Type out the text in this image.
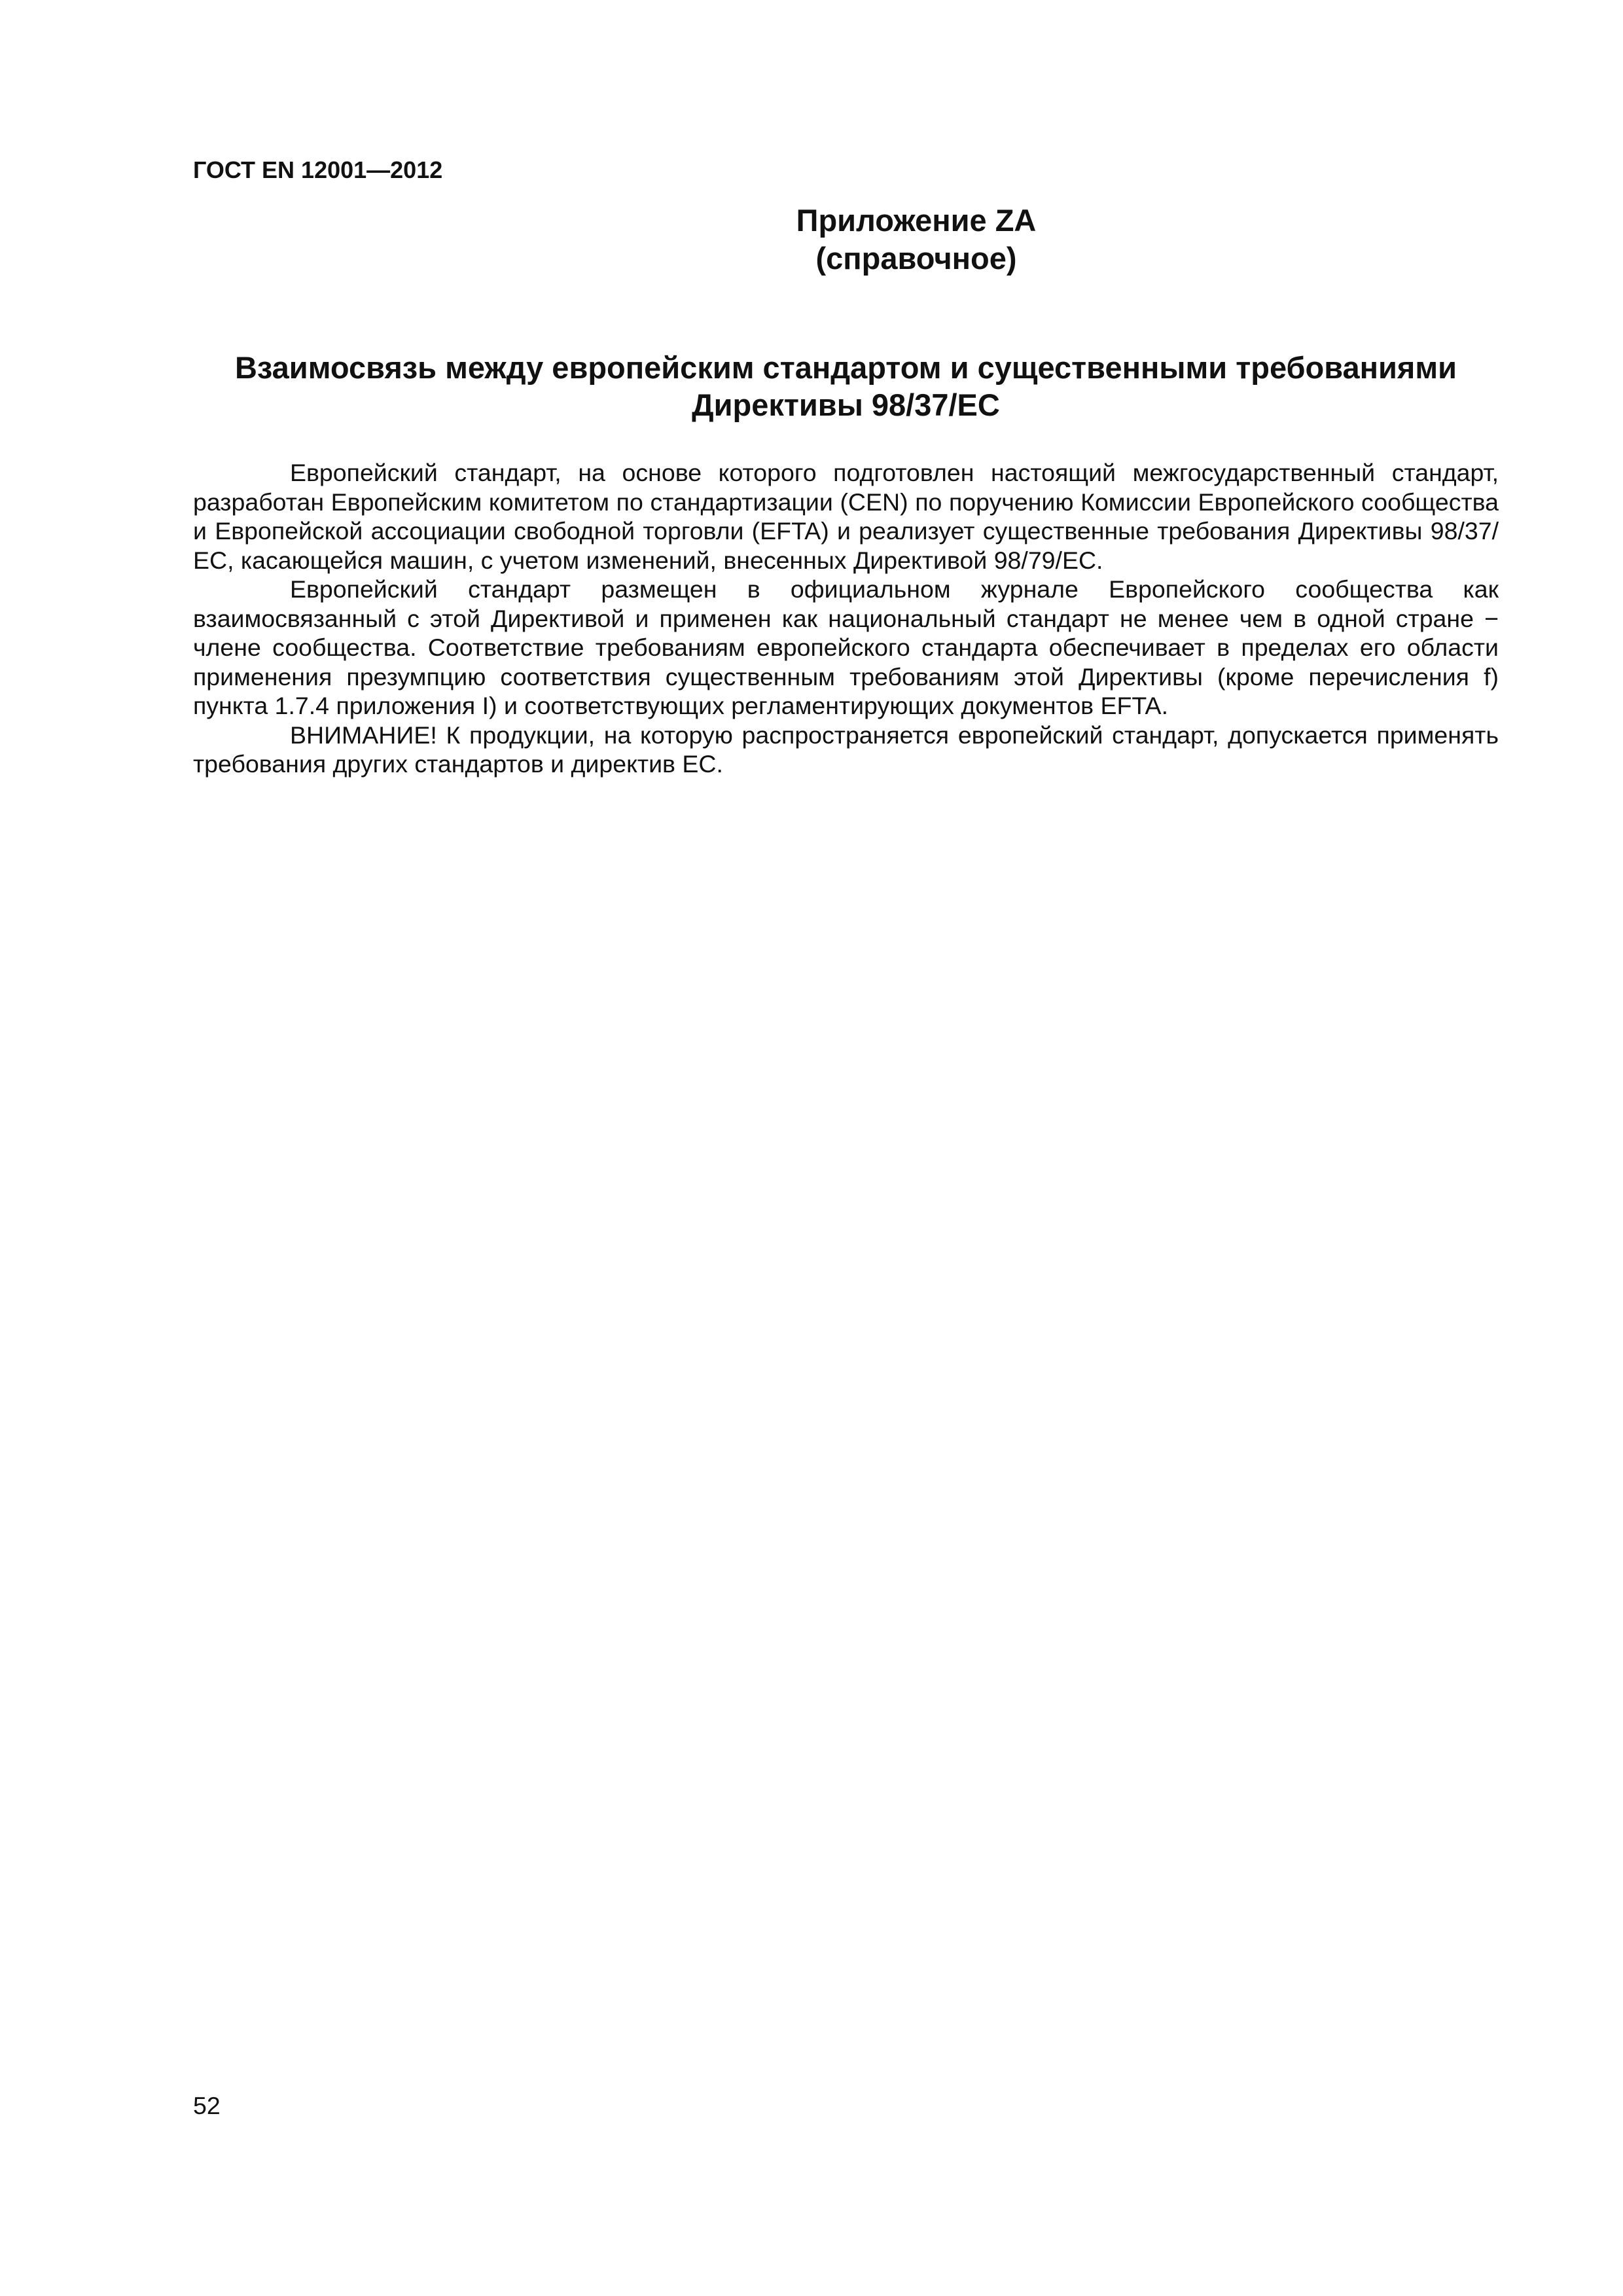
ГОСТ EN 12001—2012
Приложение ZA
(справочное)
Взаимосвязь между европейским стандартом и существенными требованиями
Директивы 98/37/ЕС

Европейский стандарт, на основе которого подготовлен настоящий межгосударственный стандарт, разработан Европейским комитетом по стандартизации (CEN) по поручению Комиссии Европейского сообщества и Европейской ассоциации свободной торговли (EFTA) и реализует существенные требования Директивы 98/37/ЕС, касающейся машин, с учетом изменений, внесенных Директивой 98/79/ЕС.

Европейский стандарт размещен в официальном журнале Европейского сообщества как взаимосвязанный с этой Директивой и применен как национальный стандарт не менее чем в одной стране − члене сообщества. Соответствие требованиям европейского стандарта обеспечивает в пределах его области применения презумпцию соответствия существенным требованиям этой Директивы (кроме перечисления f) пункта 1.7.4 приложения I) и соответствующих регламентирующих документов EFTA.

ВНИМАНИЕ! К продукции, на которую распространяется европейский стандарт, допускается применять требования других стандартов и директив ЕС.

52
